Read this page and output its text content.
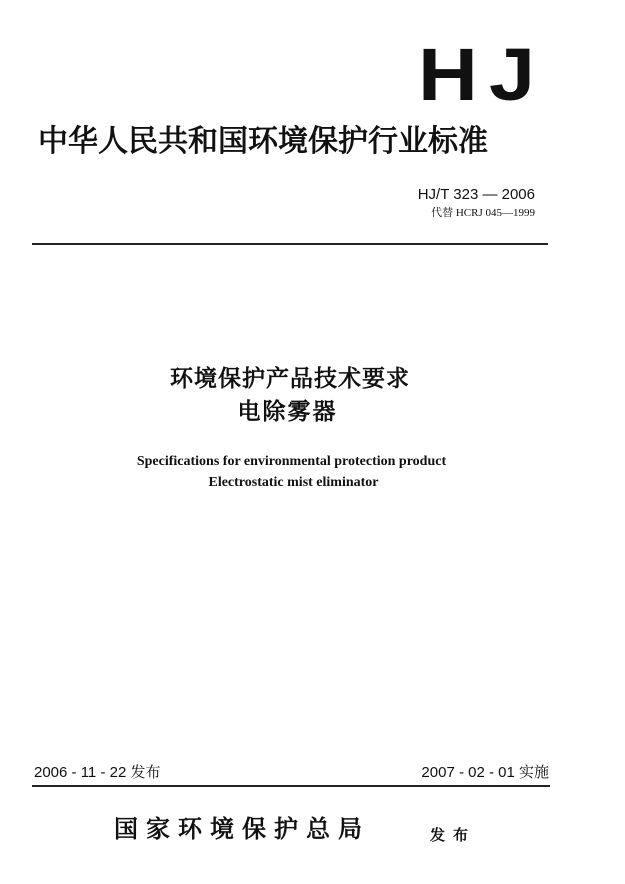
HJ
中华人民共和国环境保护行业标准
HJ/T 323 — 2006
代替 HCRJ 045—1999
环境保护产品技术要求
电除雾器
Specifications for environmental protection product
Electrostatic mist eliminator
2006 - 11 - 22 发布	2007 - 02 - 01 实施
国家环境保护总局	发布
